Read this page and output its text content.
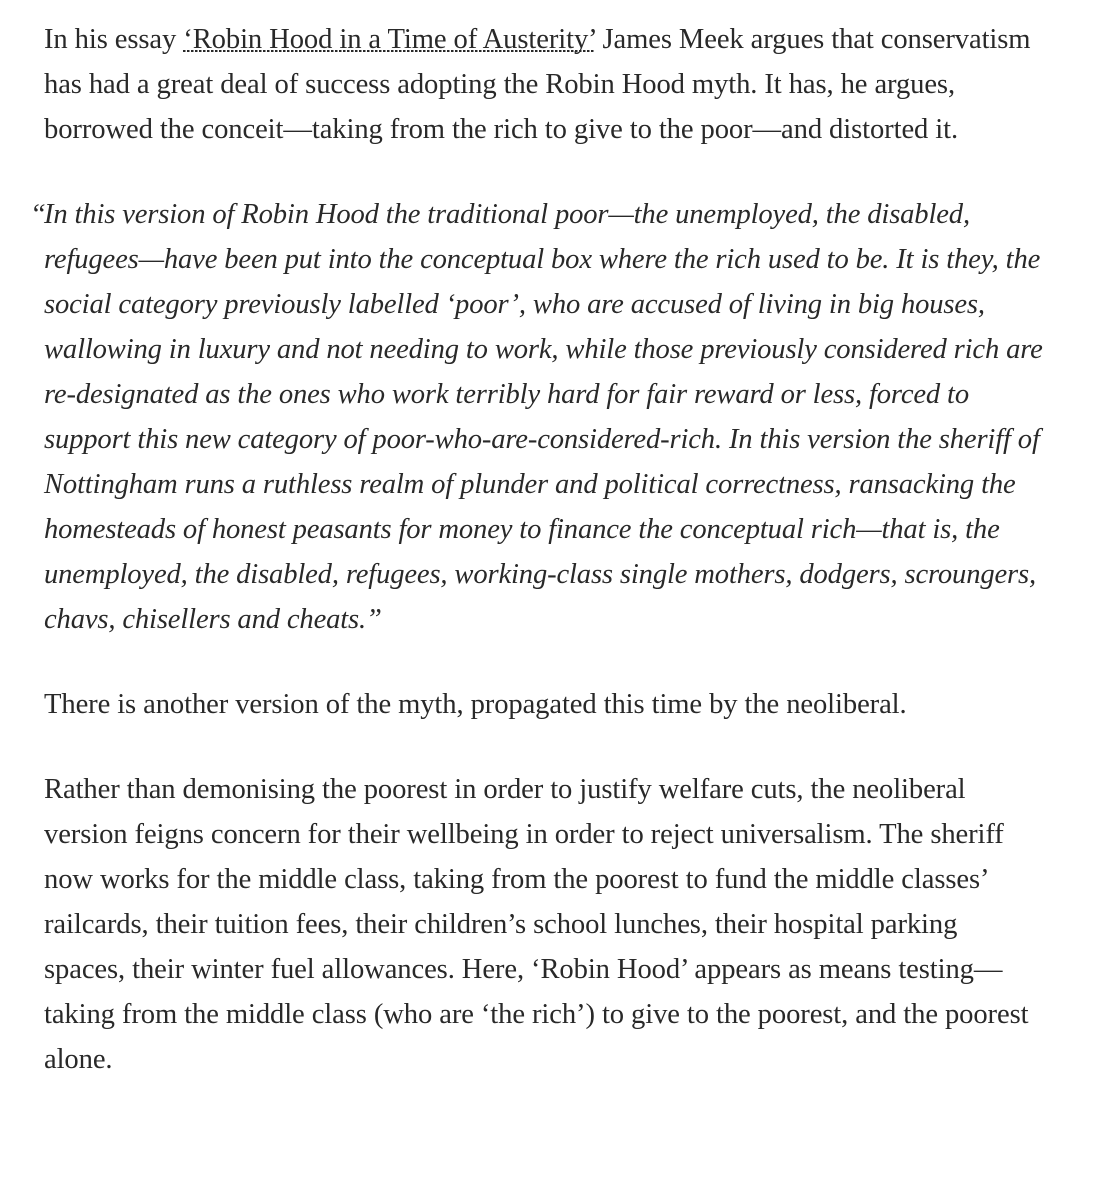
In his essay ‘Robin Hood in a Time of Austerity’ James Meek argues that conservatism has had a great deal of success adopting the Robin Hood myth. It has, he argues, borrowed the conceit—taking from the rich to give to the poor—and distorted it.

“
In this version of Robin Hood the traditional poor—the unemployed, the disabled, refugees—have been put into the conceptual box where the rich used to be. It is they, the social category previously labelled ‘poor’, who are accused of living in big houses, wallowing in luxury and not needing to work, while those previously considered rich are re-designated as the ones who work terribly hard for fair reward or less, forced to support this new category of poor-who-are-considered-rich. In this version the sheriff of Nottingham runs a ruthless realm of plunder and political correctness, ransacking the homesteads of honest peasants for money to finance the conceptual rich—that is, the unemployed, the disabled, refugees, working-class single mothers, dodgers, scroungers, chavs, chisellers and cheats.”

There is another version of the myth, propagated this time by the neoliberal.

Rather than demonising the poorest in order to justify welfare cuts, the neoliberal version feigns concern for their wellbeing in order to reject universalism. The sheriff now works for the middle class, taking from the poorest to fund the middle classes’ railcards, their tuition fees, their children’s school lunches, their hospital parking spaces, their winter fuel allowances. Here, ‘Robin Hood’ appears as means testing—taking from the middle class (who are ‘the rich’) to give to the poorest, and the poorest alone.
